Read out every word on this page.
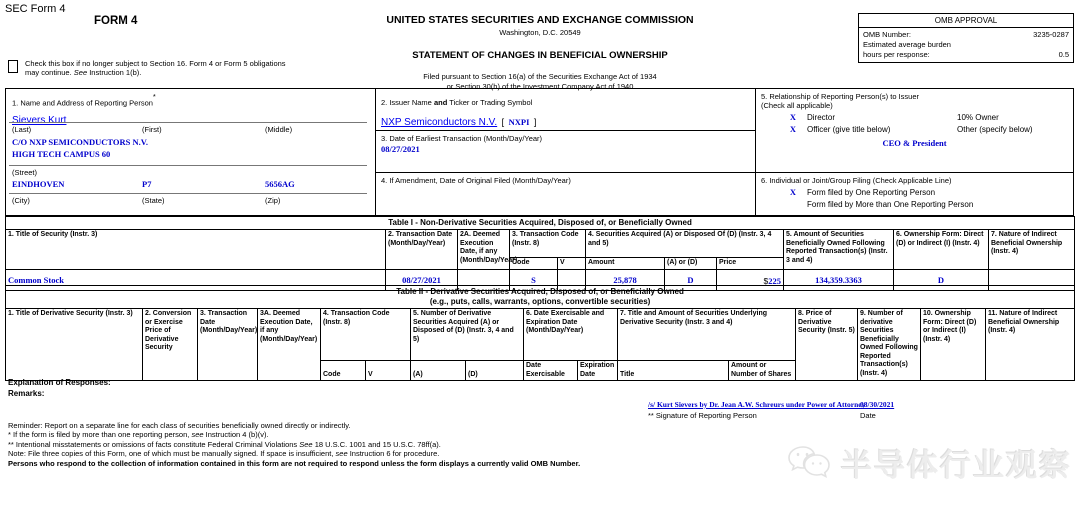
SEC Form 4
FORM 4	UNITED STATES SECURITIES AND EXCHANGE COMMISSION
Washington, D.C. 20549
STATEMENT OF CHANGES IN BENEFICIAL OWNERSHIP
Filed pursuant to Section 16(a) of the Securities Exchange Act of 1934
or Section 30(h) of the Investment Company Act of 1940
OMB APPROVAL
OMB Number:	3235-0287
Estimated average burden
hours per response:	0.5
Check this box if no longer subject to Section 16. Form 4 or Form 5 obligations may continue. See Instruction 1(b).
1. Name and Address of Reporting Person*
Sievers Kurt
(Last)	(First)	(Middle)
C/O NXP SEMICONDUCTORS N.V.
HIGH TECH CAMPUS 60
(Street)
EINDHOVEN	P7	5656AG
(City)	(State)	(Zip)
2. Issuer Name and Ticker or Trading Symbol
NXP Semiconductors N.V. [ NXPI ]
3. Date of Earliest Transaction (Month/Day/Year)
08/27/2021
4. If Amendment, Date of Original Filed (Month/Day/Year)
5. Relationship of Reporting Person(s) to Issuer
(Check all applicable)
X	Director	10% Owner
X	Officer (give title below)	Other (specify below)
CEO & President
6. Individual or Joint/Group Filing (Check Applicable Line)
X	Form filed by One Reporting Person
Form filed by More than One Reporting Person
Table I - Non-Derivative Securities Acquired, Disposed of, or Beneficially Owned										
1. Title of Security (Instr. 3)	2. Transaction Date (Month/Day/Year)	2A. Deemed Execution Date, if any (Month/Day/Year)	3. Transaction Code (Instr. 8)		4. Securities Acquired (A) or Disposed Of (D) (Instr. 3, 4 and 5)			5. Amount of Securities Beneficially Owned Following Reported Transaction(s) (Instr. 3 and 4)	6. Ownership Form: Direct (D) or Indirect (I) (Instr. 4)	7. Nature of Indirect Beneficial Ownership (Instr. 4)
			Code	V	Amount	(A) or (D)	Price			
Common Stock	08/27/2021		S		25,878	D	$225	134,359.3363	D	
Table II - Derivative Securities Acquired, Disposed of, or Beneficially Owned															
(e.g., puts, calls, warrants, options, convertible securities)															
1. Title of Derivative Security (Instr. 3)	2. Conversion or Exercise Price of Derivative Security	3. Transaction Date (Month/Day/Year)	3A. Deemed Execution Date, if any (Month/Day/Year)	4. Transaction Code (Instr. 8)		5. Number of Derivative Securities Acquired (A) or Disposed of (D) (Instr. 3, 4 and 5)		6. Date Exercisable and Expiration Date (Month/Day/Year)		7. Title and Amount of Securities Underlying Derivative Security (Instr. 3 and 4)		8. Price of Derivative Security (Instr. 5)	9. Number of derivative Securities Beneficially Owned Following Reported Transaction(s) (Instr. 4)	10. Ownership Form: Direct (D) or Indirect (I) (Instr. 4)	11. Nature of Indirect Beneficial Ownership (Instr. 4)
				Code	V	(A)	(D)	Date Exercisable	Expiration Date	Title	Amount or Number of Shares				
Explanation of Responses:
Remarks:
/s/ Kurt Sievers by Dr. Jean A.W. Schreurs under Power of Attorney
08/30/2021
** Signature of Reporting Person	Date
Reminder: Report on a separate line for each class of securities beneficially owned directly or indirectly.
* If the form is filed by more than one reporting person, see Instruction 4 (b)(v).
** Intentional misstatements or omissions of facts constitute Federal Criminal Violations See 18 U.S.C. 1001 and 15 U.S.C. 78ff(a).
Note: File three copies of this Form, one of which must be manually signed. If space is insufficient, see Instruction 6 for procedure.
Persons who respond to the collection of information contained in this form are not required to respond unless the form displays a currently valid OMB Number.	半导体行业观察
